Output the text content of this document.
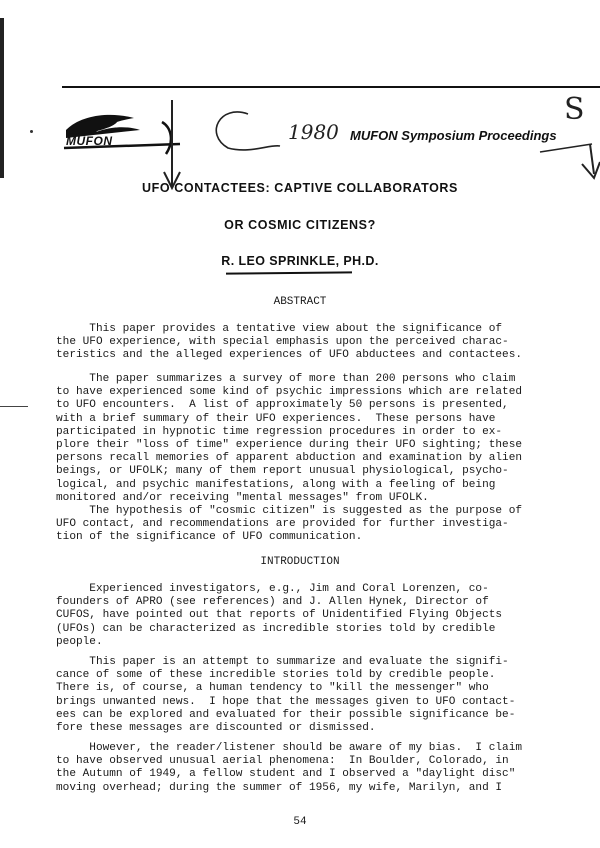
MUFON	1980 MUFON Symposium Proceedings
S
UFO CONTACTEES: CAPTIVE COLLABORATORS
OR COSMIC CITIZENS?
R. LEO SPRINKLE, PH.D.
ABSTRACT
This paper provides a tentative view about the significance of
the UFO experience, with special emphasis upon the perceived charac-
teristics and the alleged experiences of UFO abductees and contactees.
The paper summarizes a survey of more than 200 persons who claim
to have experienced some kind of psychic impressions which are related
to UFO encounters.  A list of approximately 50 persons is presented,
with a brief summary of their UFO experiences.  These persons have
participated in hypnotic time regression procedures in order to ex-
plore their "loss of time" experience during their UFO sighting; these
persons recall memories of apparent abduction and examination by alien
beings, or UFOLK; many of them report unusual physiological, psycho-
logical, and psychic manifestations, along with a feeling of being
monitored and/or receiving "mental messages" from UFOLK.
The hypothesis of "cosmic citizen" is suggested as the purpose of
UFO contact, and recommendations are provided for further investiga-
tion of the significance of UFO communication.
INTRODUCTION
Experienced investigators, e.g., Jim and Coral Lorenzen, co-
founders of APRO (see references) and J. Allen Hynek, Director of
CUFOS, have pointed out that reports of Unidentified Flying Objects
(UFOs) can be characterized as incredible stories told by credible
people.
This paper is an attempt to summarize and evaluate the signifi-
cance of some of these incredible stories told by credible people.
There is, of course, a human tendency to "kill the messenger" who
brings unwanted news.  I hope that the messages given to UFO contact-
ees can be explored and evaluated for their possible significance be-
fore these messages are discounted or dismissed.
However, the reader/listener should be aware of my bias.  I claim
to have observed unusual aerial phenomena:  In Boulder, Colorado, in
the Autumn of 1949, a fellow student and I observed a "daylight disc"
moving overhead; during the summer of 1956, my wife, Marilyn, and I
54
